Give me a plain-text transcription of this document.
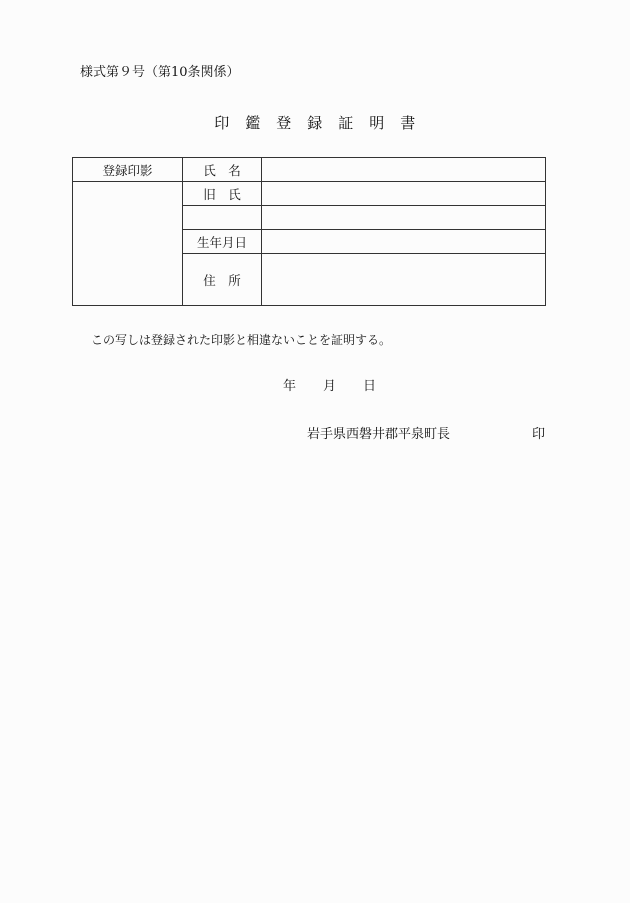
様式第９号（第10条関係）
印　鑑　登　録　証　明　書
登録印影	氏　名	
	旧　氏	

	生年月日	
	住　所	
この写しは登録された印影と相違ないことを証明する。
年 月 日
岩手県西磐井郡平泉町長	印
